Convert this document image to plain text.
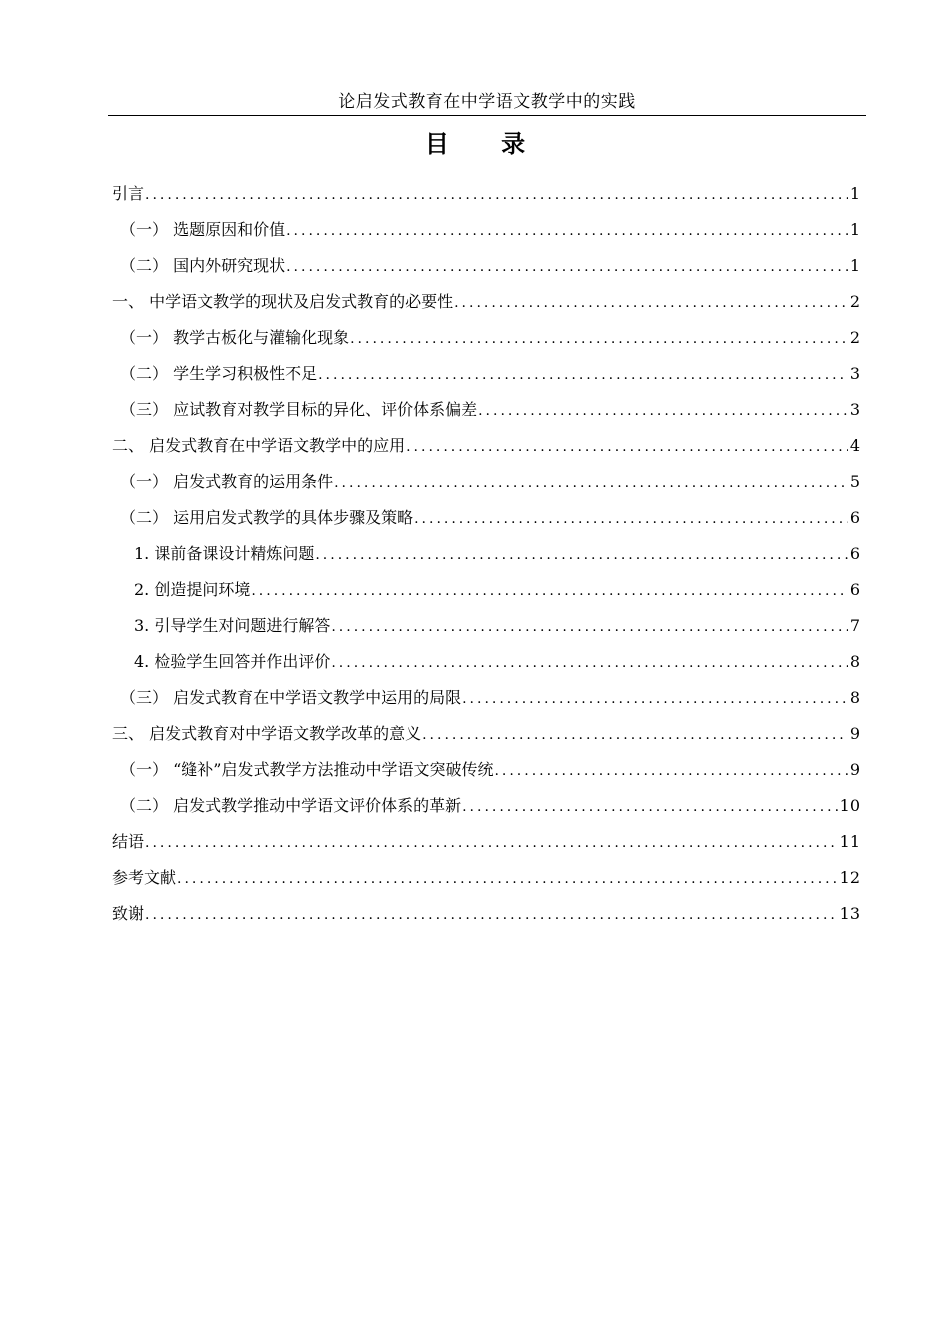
论启发式教育在中学语文教学中的实践
目 录
引言 .....	1
（一） 选题原因和价值 .....	1
（二） 国内外研究现状 .....	1
一、 中学语文教学的现状及启发式教育的必要性 .....	2
（一） 教学古板化与灌输化现象 .....	2
（二） 学生学习积极性不足 .....	3
（三） 应试教育对教学目标的异化、评价体系偏差 .....	3
二、 启发式教育在中学语文教学中的应用 .....	4
（一） 启发式教育的运用条件 .....	5
（二） 运用启发式教学的具体步骤及策略 .....	6
1. 课前备课设计精炼问题 .....	6
2. 创造提问环境 .....	6
3. 引导学生对问题进行解答 .....	7
4. 检验学生回答并作出评价 .....	8
（三） 启发式教育在中学语文教学中运用的局限 .....	8
三、 启发式教育对中学语文教学改革的意义 .....	9
（一） “缝补”启发式教学方法推动中学语文突破传统 .....	9
（二） 启发式教学推动中学语文评价体系的革新 .....	10
结语 .....	11
参考文献 .....	12
致谢 .....	13
